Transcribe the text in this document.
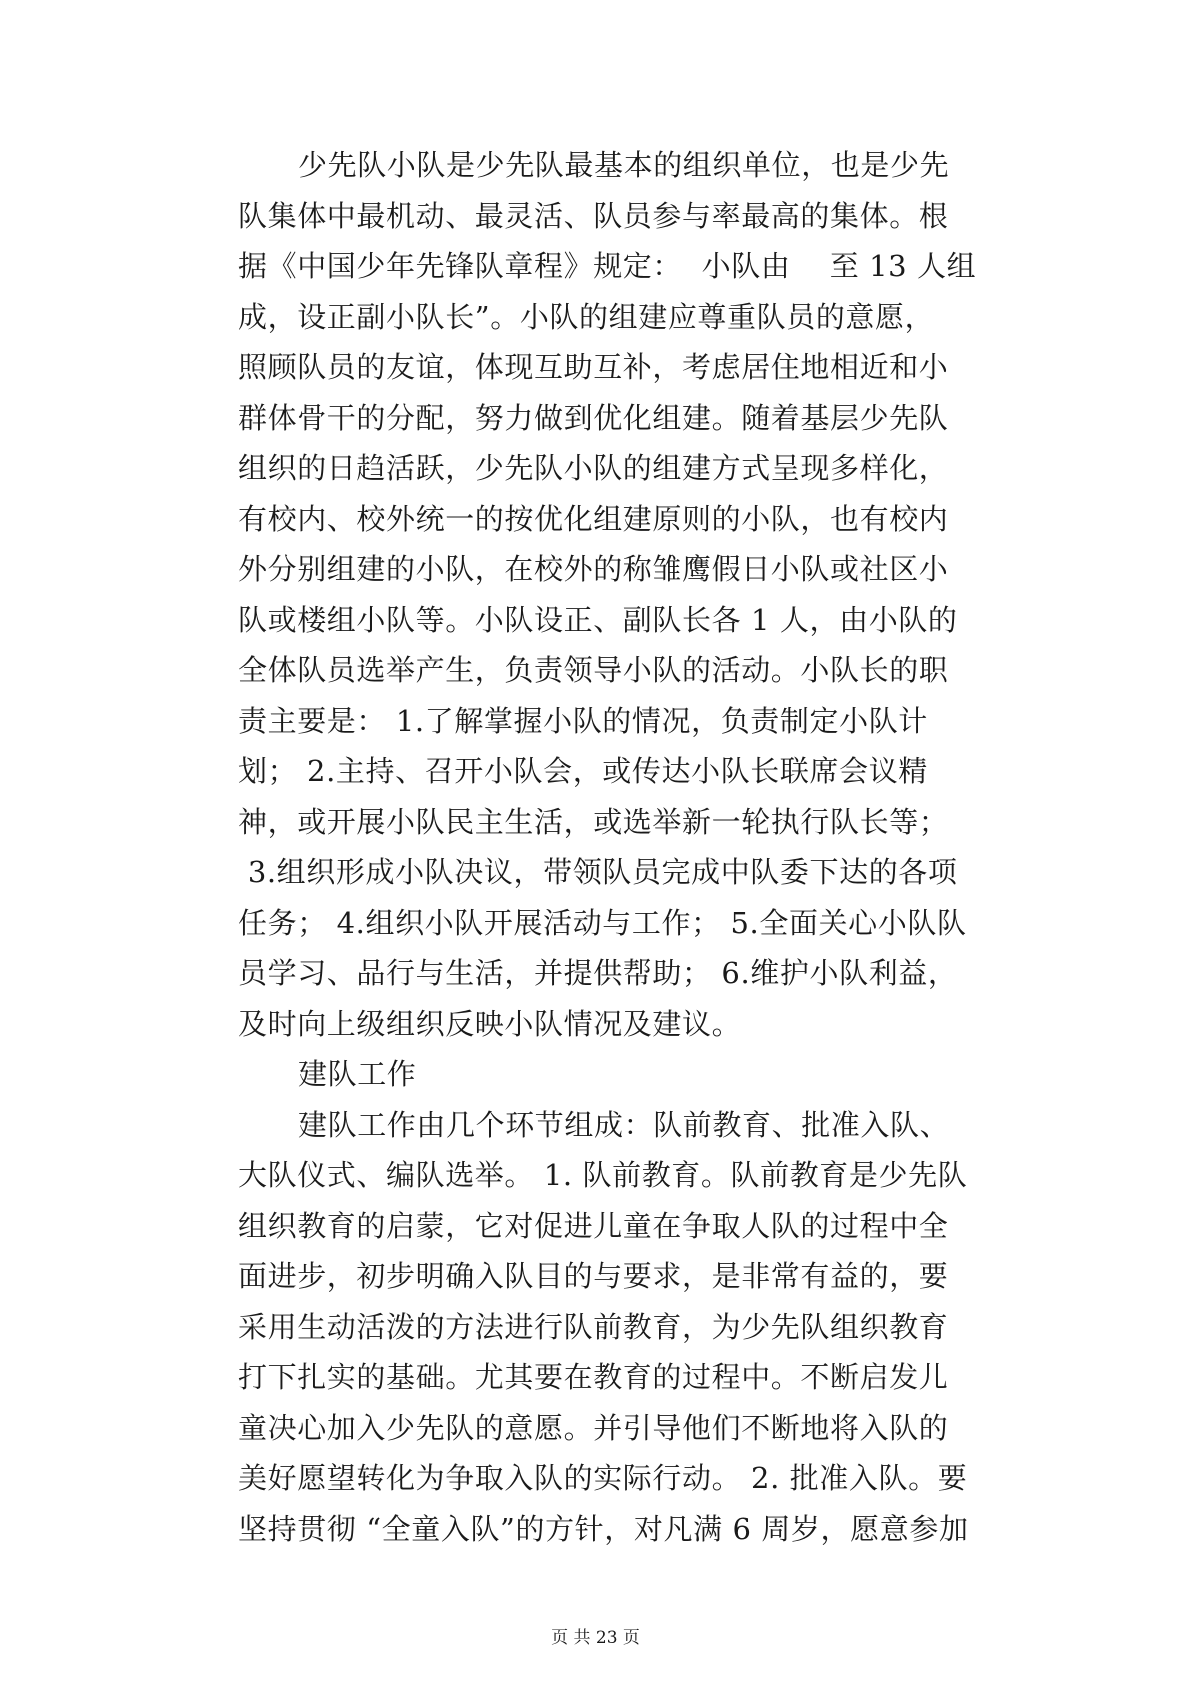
少先队小队是少先队最基本的组织单位，也是少先
队集体中最机动、最灵活、队员参与率最高的集体。根
据《中国少年先锋队章程》规定：  小队由    至 13 人组
成，设正副小队长”。小队的组建应尊重队员的意愿，
照顾队员的友谊，体现互助互补，考虑居住地相近和小
群体骨干的分配，努力做到优化组建。随着基层少先队
组织的日趋活跃，少先队小队的组建方式呈现多样化，
有校内、校外统一的按优化组建原则的小队，也有校内
外分别组建的小队，在校外的称雏鹰假日小队或社区小
队或楼组小队等。小队设正、副队长各 1 人，由小队的
全体队员选举产生，负责领导小队的活动。小队长的职
责主要是： 1.了解掌握小队的情况，负责制定小队计
划； 2.主持、召开小队会，或传达小队长联席会议精
神，或开展小队民主生活，或选举新一轮执行队长等；
3.组织形成小队决议，带领队员完成中队委下达的各项
任务； 4.组织小队开展活动与工作； 5.全面关心小队队
员学习、品行与生活，并提供帮助； 6.维护小队利益，
及时向上级组织反映小队情况及建议。
建队工作
建队工作由几个环节组成：队前教育、批准入队、
大队仪式、编队选举。 1. 队前教育。队前教育是少先队
组织教育的启蒙，它对促进儿童在争取人队的过程中全
面进步，初步明确入队目的与要求，是非常有益的，要
采用生动活泼的方法进行队前教育，为少先队组织教育
打下扎实的基础。尤其要在教育的过程中。不断启发儿
童决心加入少先队的意愿。并引导他们不断地将入队的
美好愿望转化为争取入队的实际行动。 2. 批准入队。要
坚持贯彻 “全童入队”的方针，对凡满 6 周岁，愿意参加
页 共 23 页
